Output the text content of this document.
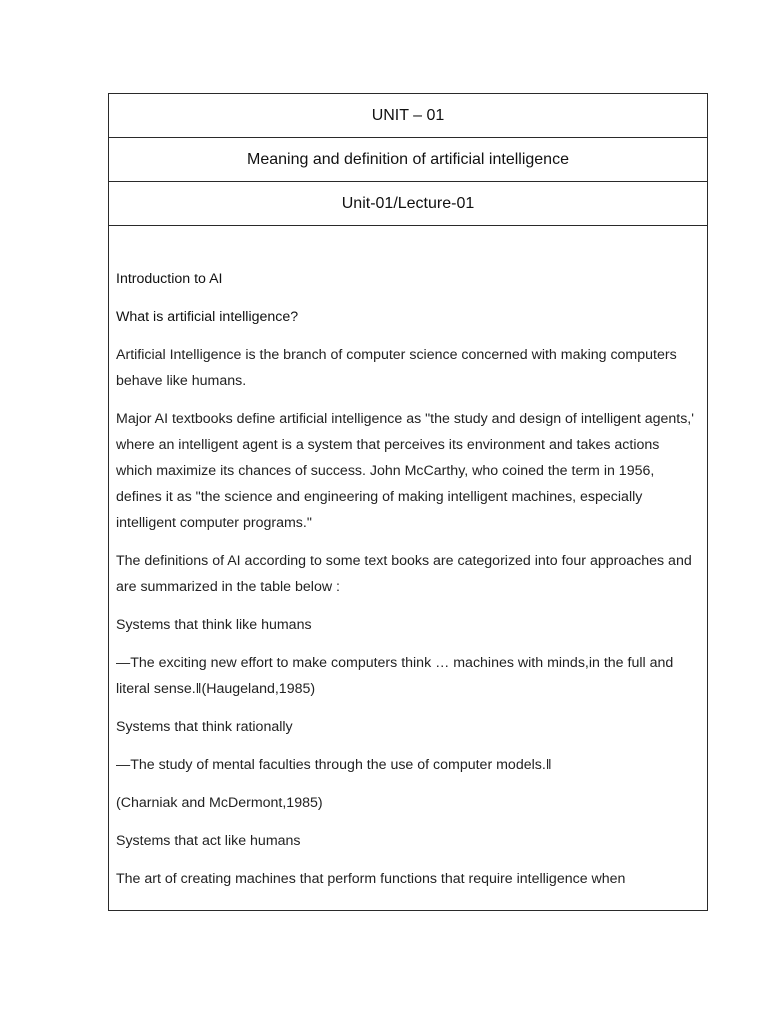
UNIT – 01
Meaning and definition of artificial intelligence
Unit-01/Lecture-01

Introduction to AI

What is artificial intelligence?

Artificial Intelligence is the branch of computer science concerned with making computers behave like humans.

Major AI textbooks define artificial intelligence as "the study and design of intelligent agents,' where an intelligent agent is a system that perceives its environment and takes actions which maximize its chances of success. John McCarthy, who coined the term in 1956, defines it as "the science and engineering of making intelligent machines, especially intelligent computer programs."

The definitions of AI according to some text books are categorized into four approaches and are summarized in the table below :

Systems that think like humans

―The exciting new effort to make computers think … machines with minds,in the full and literal sense.‖(Haugeland,1985)

Systems that think rationally

―The study of mental faculties through the use of computer models.‖

(Charniak and McDermont,1985)

Systems that act like humans

The art of creating machines that perform functions that require intelligence when
